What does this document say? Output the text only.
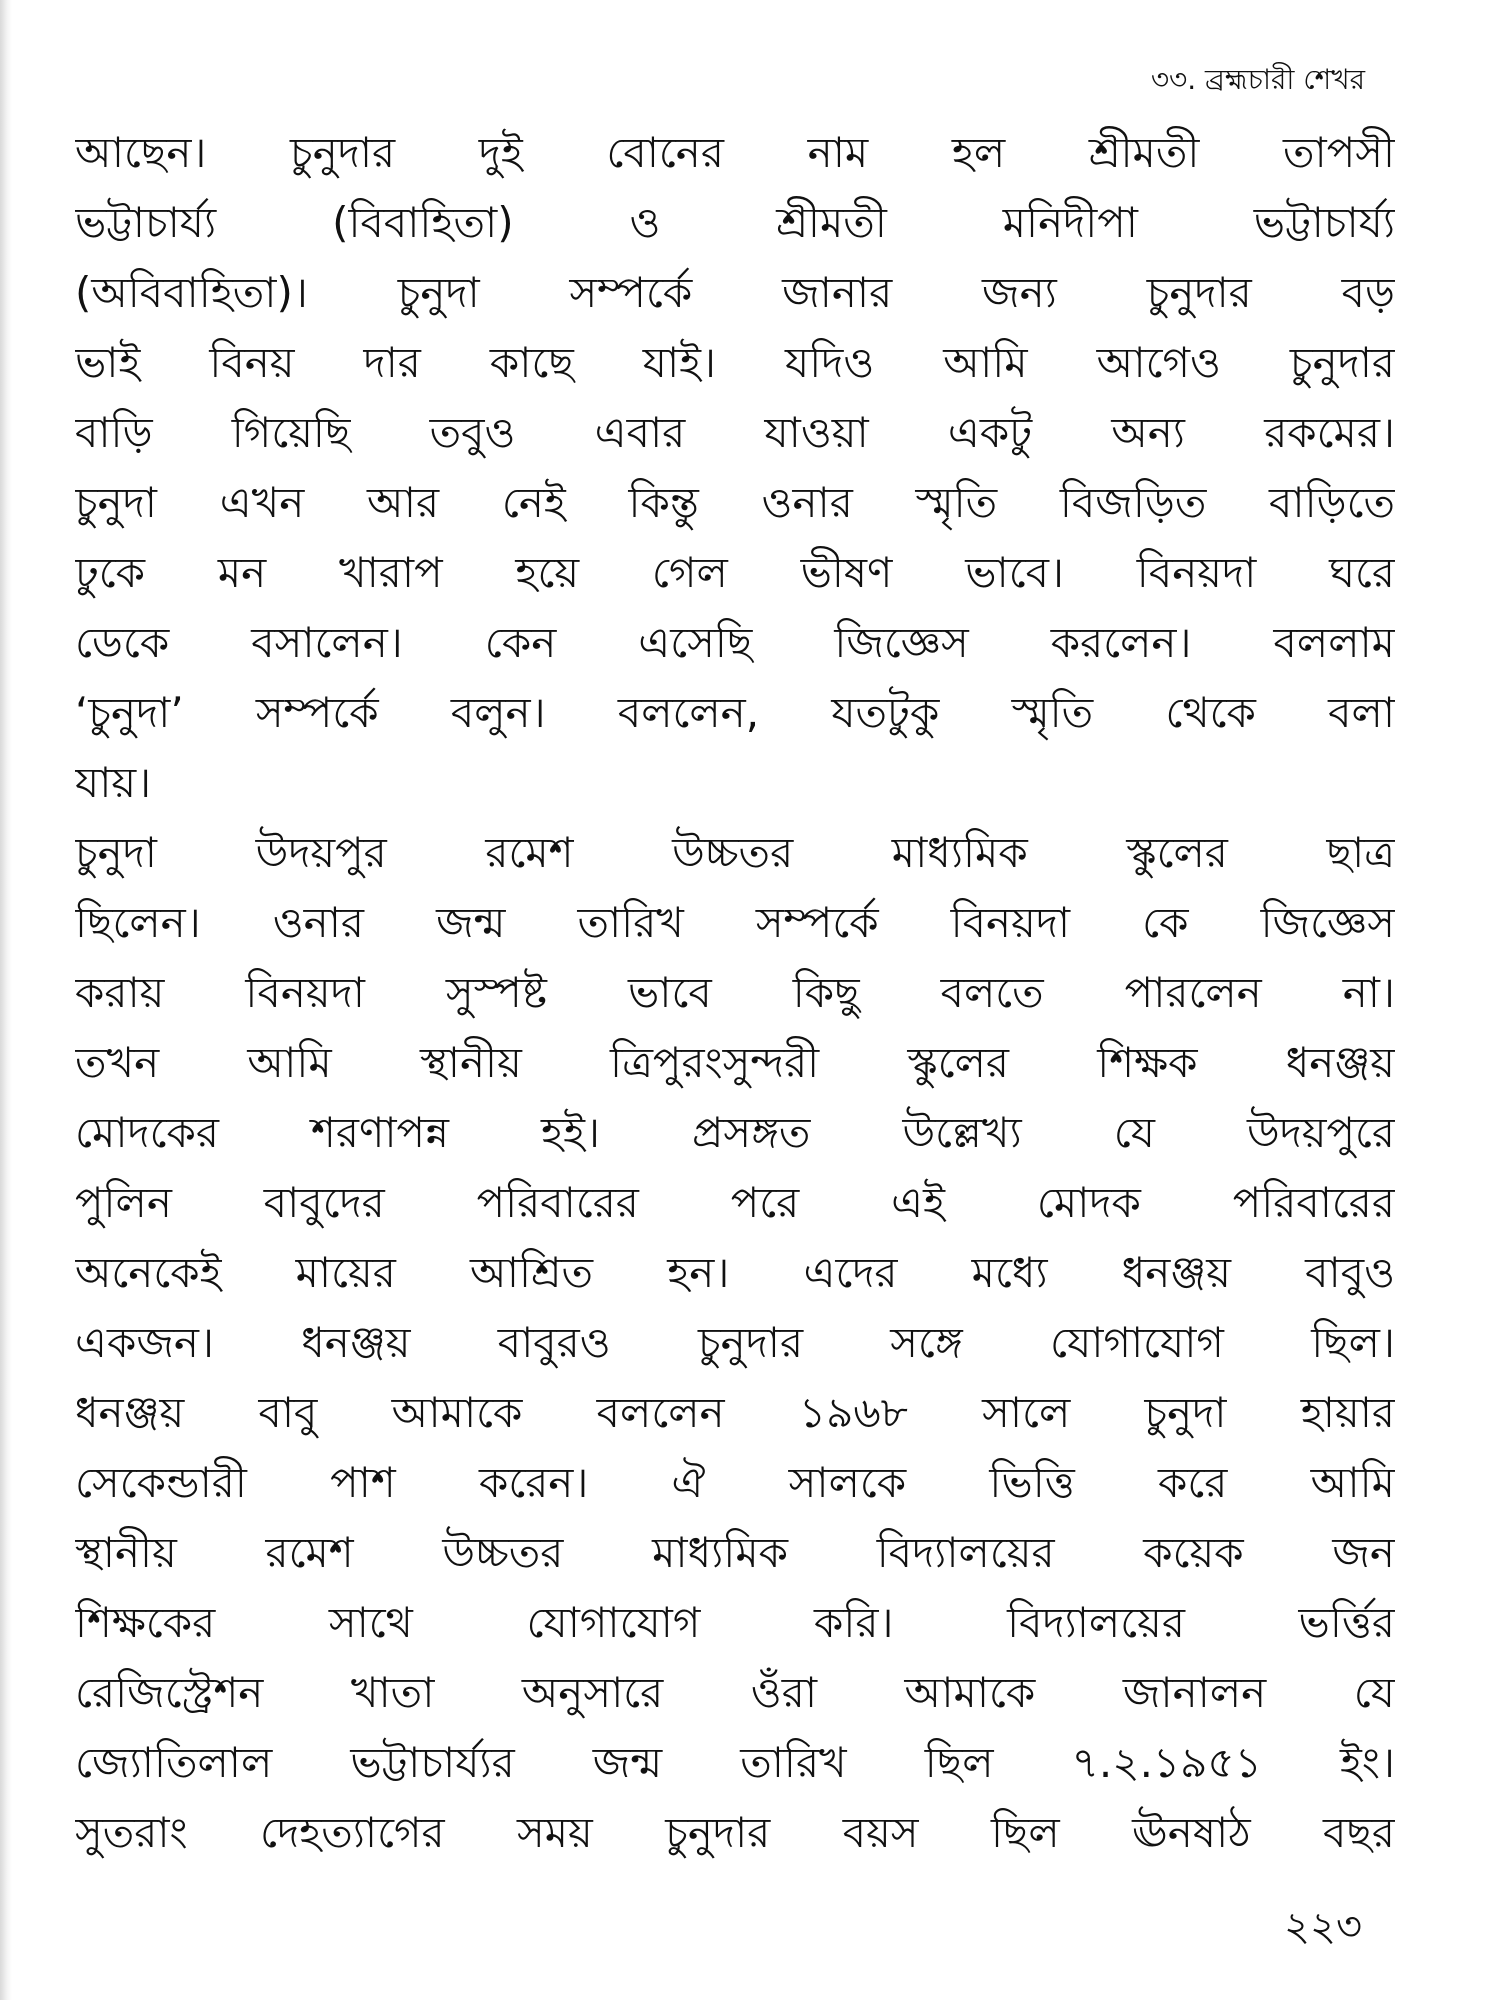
৩৩. ব্রহ্মচারী শেখর
আছেন। চুনুদার দুই বোনের নাম হল শ্রীমতী তাপসী
ভট্টাচার্য্য (বিবাহিতা) ও শ্রীমতী মনিদীপা ভট্টাচার্য্য
(অবিবাহিতা)। চুনুদা সম্পর্কে জানার জন্য চুনুদার বড়
ভাই বিনয় দার কাছে যাই। যদিও আমি আগেও চুনুদার
বাড়ি গিয়েছি তবুও এবার যাওয়া একটু অন্য রকমের।
চুনুদা এখন আর নেই কিন্তু ওনার স্মৃতি বিজড়িত বাড়িতে
ঢুকে মন খারাপ হয়ে গেল ভীষণ ভাবে। বিনয়দা ঘরে
ডেকে বসালেন। কেন এসেছি জিজ্ঞেস করলেন। বললাম
‘চুনুদা’ সম্পর্কে বলুন। বললেন, যতটুকু স্মৃতি থেকে বলা
যায়।
চুনুদা উদয়পুর রমেশ উচ্চতর মাধ্যমিক স্কুলের ছাত্র
ছিলেন। ওনার জন্ম তারিখ সম্পর্কে বিনয়দা কে জিজ্ঞেস
করায় বিনয়দা সুস্পষ্ট ভাবে কিছু বলতে পারলেন না।
তখন আমি স্থানীয় ত্রিপুরংসুন্দরী স্কুলের শিক্ষক ধনঞ্জয়
মোদকের শরণাপন্ন হই। প্রসঙ্গত উল্লেখ্য যে উদয়পুরে
পুলিন বাবুদের পরিবারের পরে এই মোদক পরিবারের
অনেকেই মায়ের আশ্রিত হন। এদের মধ্যে ধনঞ্জয় বাবুও
একজন। ধনঞ্জয় বাবুরও চুনুদার সঙ্গে যোগাযোগ ছিল।
ধনঞ্জয় বাবু আমাকে বললেন ১৯৬৮ সালে চুনুদা হায়ার
সেকেন্ডারী পাশ করেন। ঐ সালকে ভিত্তি করে আমি
স্থানীয় রমেশ উচ্চতর মাধ্যমিক বিদ্যালয়ের কয়েক জন
শিক্ষকের সাথে যোগাযোগ করি। বিদ্যালয়ের ভর্ত্তির
রেজিস্ট্রেশন খাতা অনুসারে ওঁরা আমাকে জানালন যে
জ্যোতিলাল ভট্টাচার্য্যর জন্ম তারিখ ছিল ৭.২.১৯৫১ ইং।
সুতরাং দেহত্যাগের সময় চুনুদার বয়স ছিল ঊনষাঠ বছর
২২৩
